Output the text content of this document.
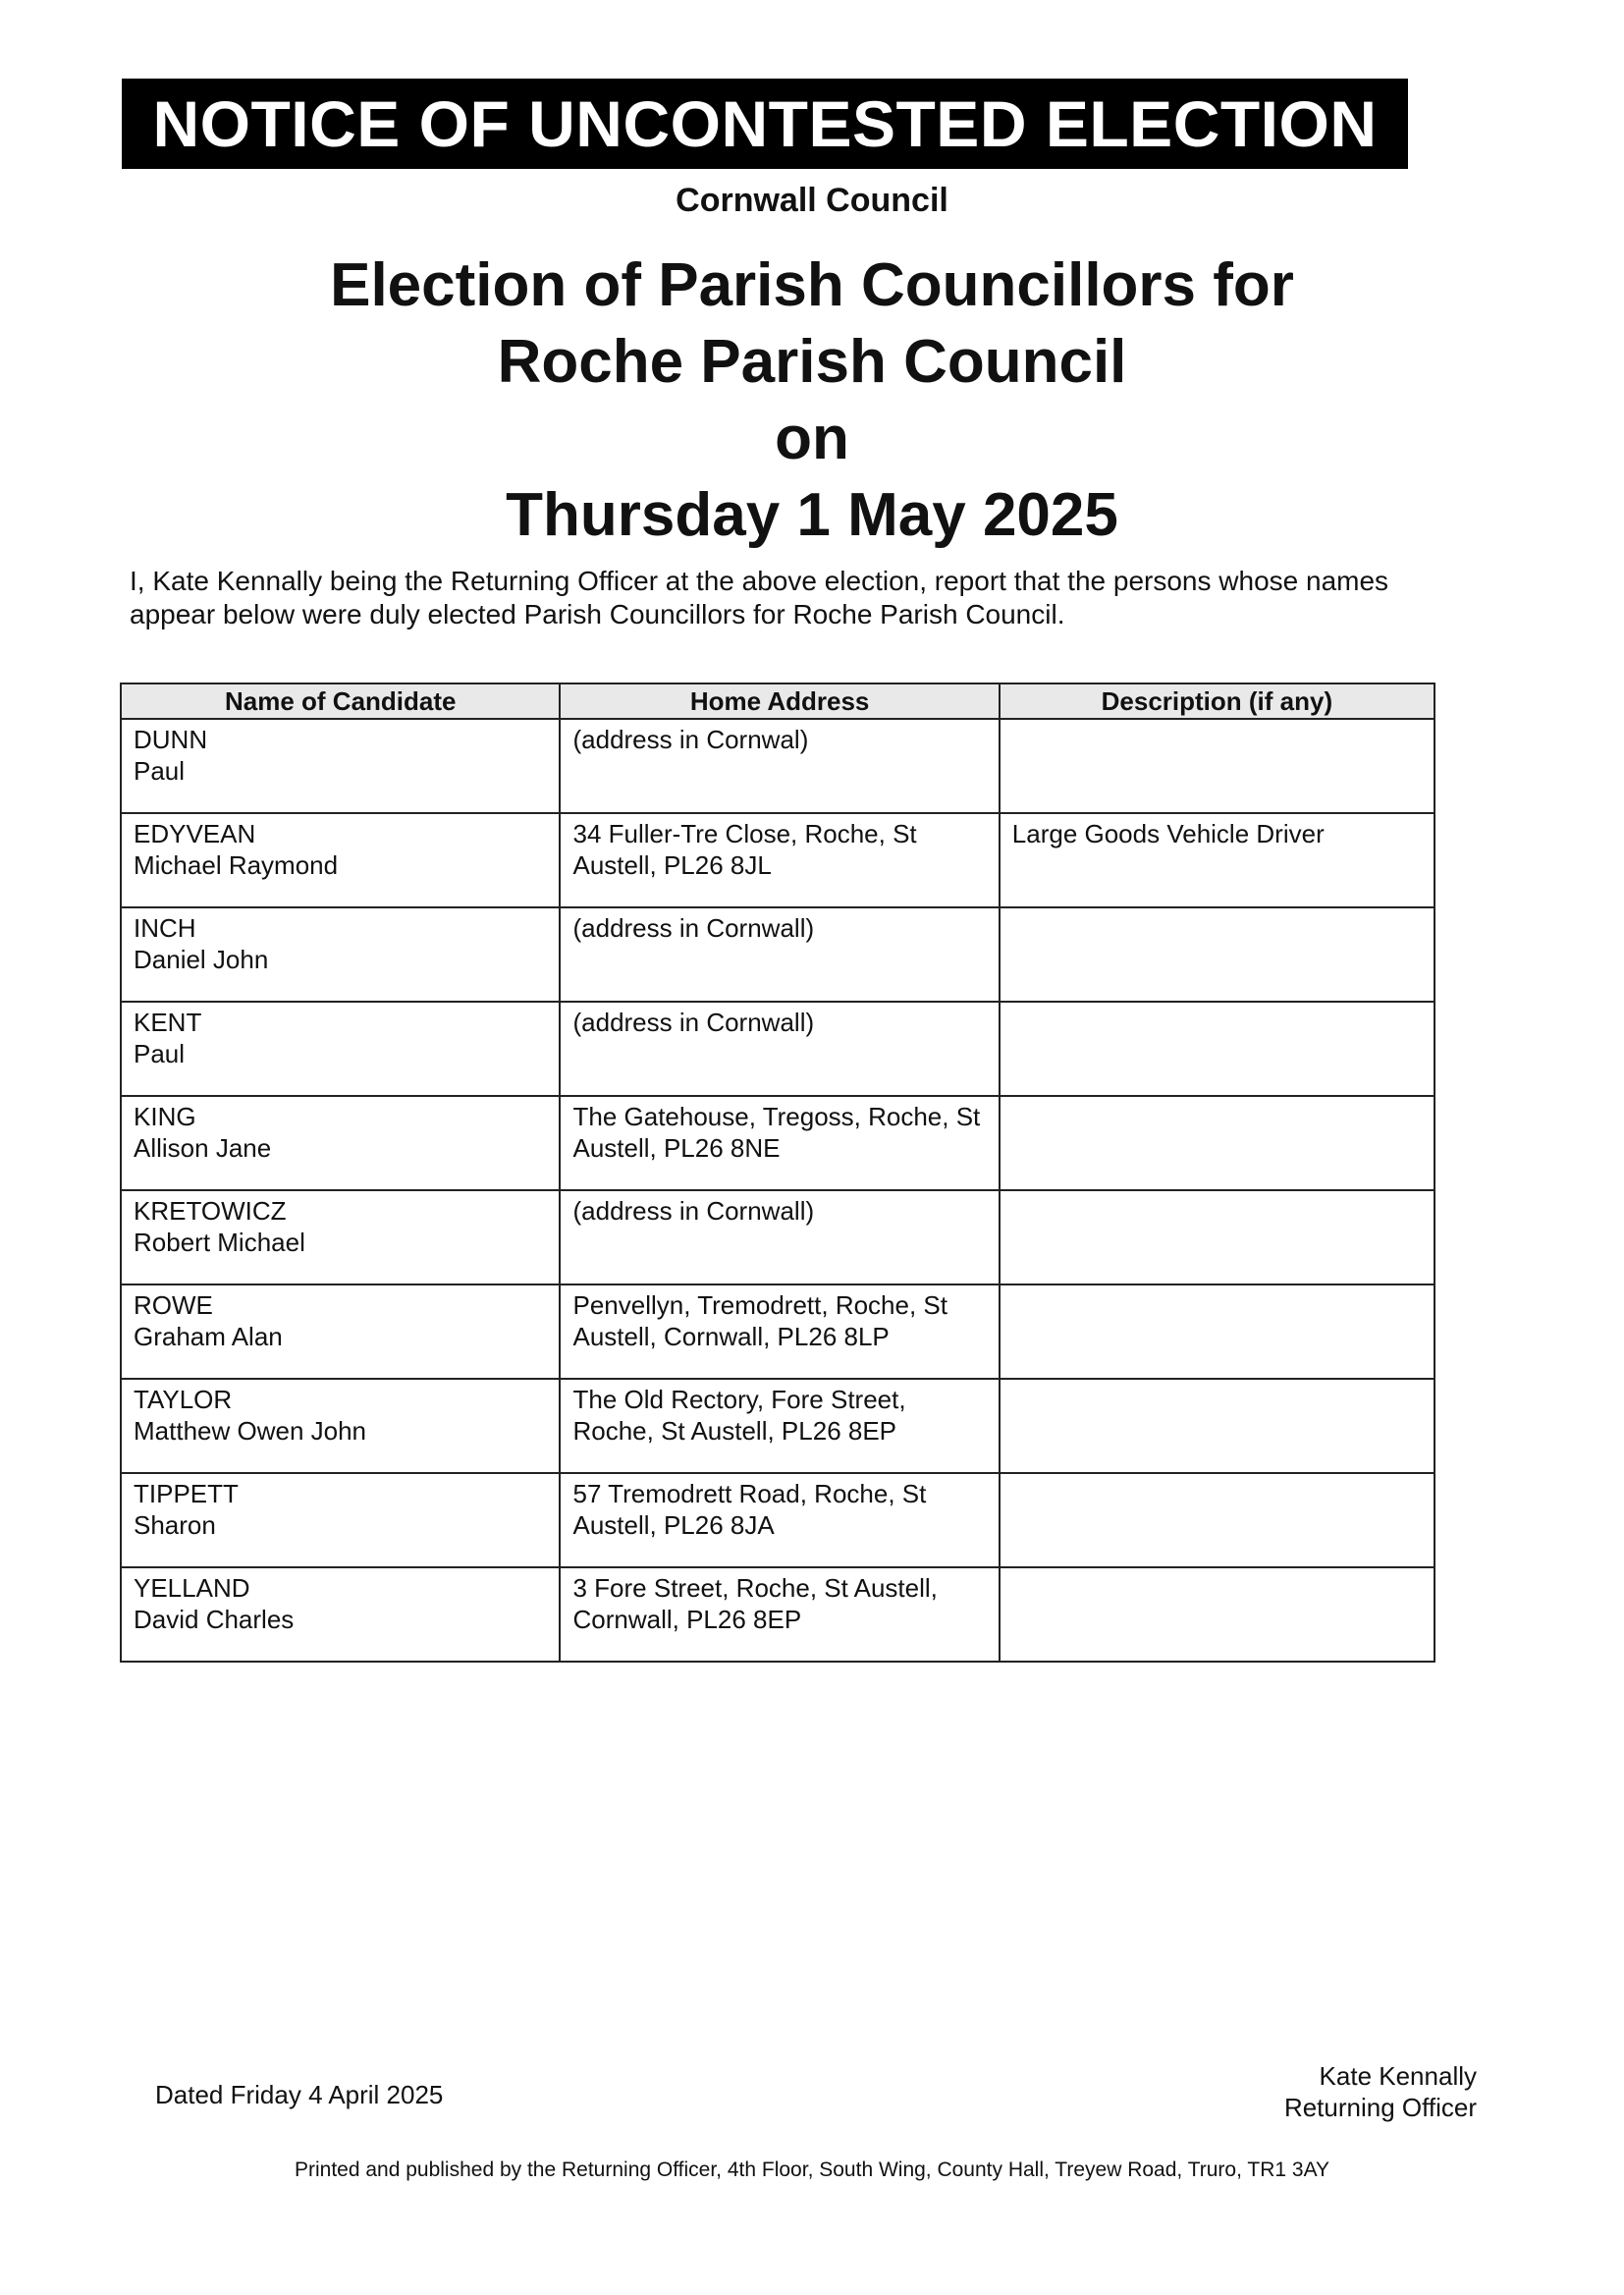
NOTICE OF UNCONTESTED ELECTION
Cornwall Council
Election of Parish Councillors for
Roche Parish Council
on
Thursday 1 May 2025
I, Kate Kennally being the Returning Officer at the above election, report that the persons whose names appear below were duly elected Parish Councillors for Roche Parish Council.
Name of Candidate	Home Address	Description (if any)

DUNN
Paul	(address in Cornwal)	

EDYVEAN
Michael Raymond	34 Fuller-Tre Close, Roche, St Austell, PL26 8JL	Large Goods Vehicle Driver

INCH
Daniel John	(address in Cornwall)	

KENT
Paul	(address in Cornwall)	

KING
Allison Jane	The Gatehouse, Tregoss, Roche, St Austell, PL26 8NE	

KRETOWICZ
Robert Michael	(address in Cornwall)	

ROWE
Graham Alan	Penvellyn, Tremodrett, Roche, St Austell, Cornwall, PL26 8LP	

TAYLOR
Matthew Owen John	The Old Rectory, Fore Street, Roche, St Austell, PL26 8EP	

TIPPETT
Sharon	57 Tremodrett Road, Roche, St Austell, PL26 8JA	

YELLAND
David Charles	3 Fore Street, Roche, St Austell, Cornwall, PL26 8EP	
Dated Friday 4 April 2025
Kate Kennally
Returning Officer
Printed and published by the Returning Officer, 4th Floor, South Wing, County Hall, Treyew Road, Truro, TR1 3AY
